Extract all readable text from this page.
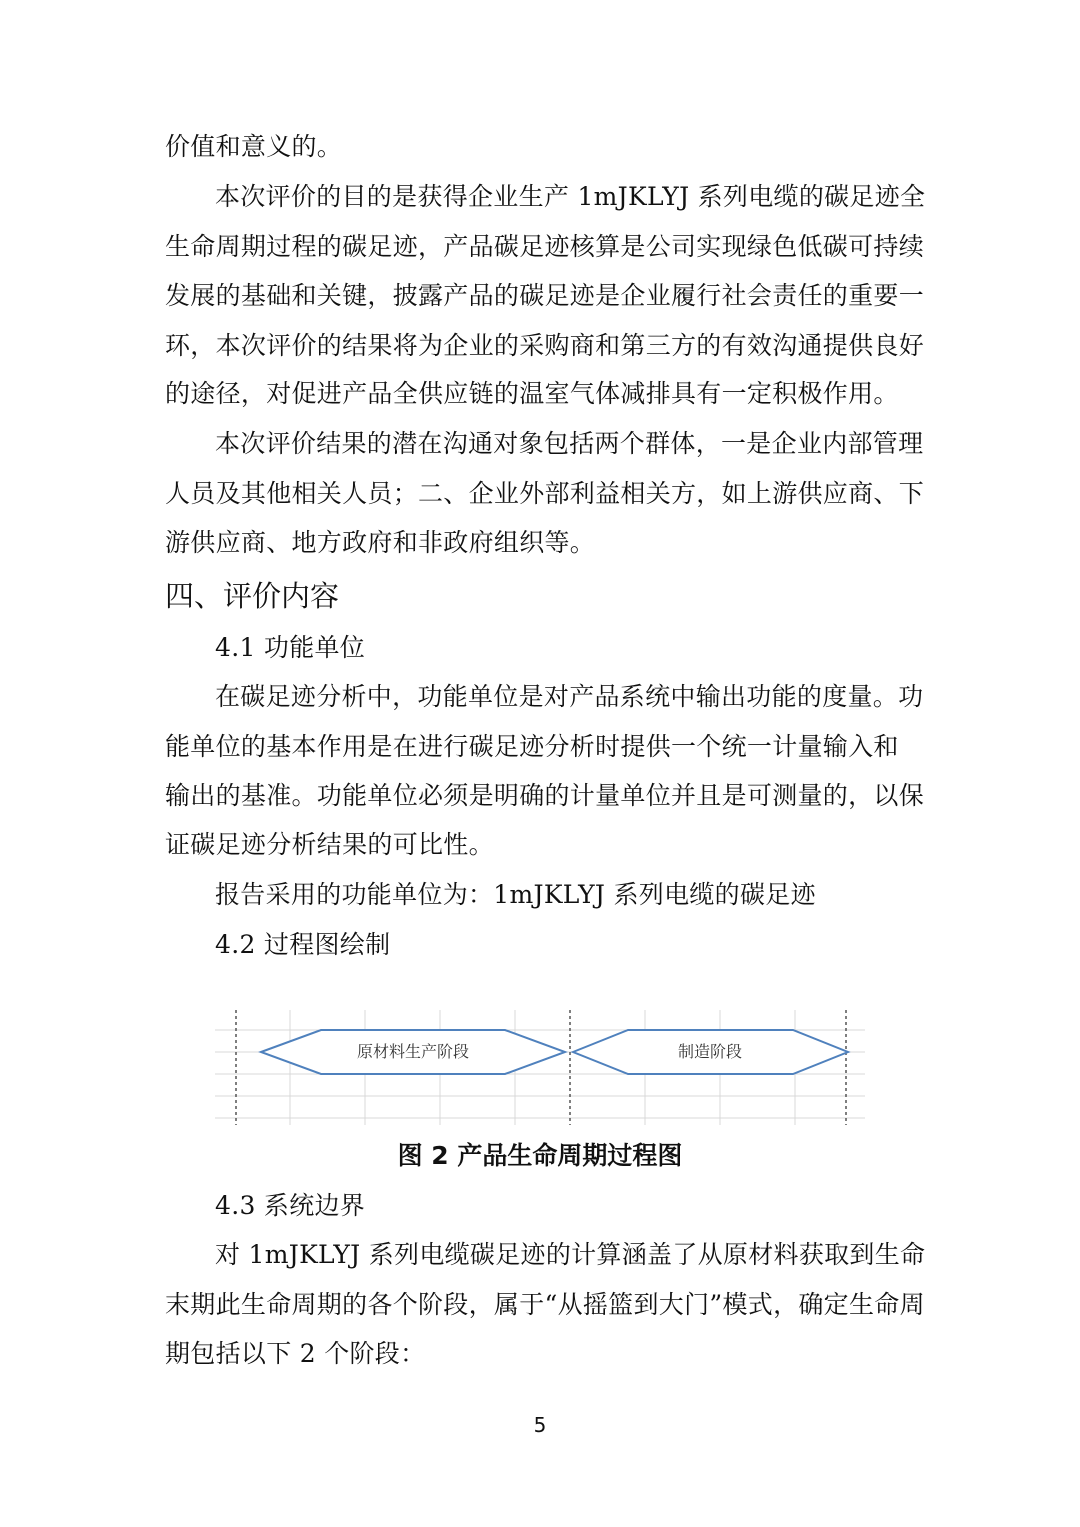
价值和意义的。
本次评价的目的是获得企业生产 1mJKLYJ 系列电缆的碳足迹全
生命周期过程的碳足迹，产品碳足迹核算是公司实现绿色低碳可持续
发展的基础和关键，披露产品的碳足迹是企业履行社会责任的重要一
环，本次评价的结果将为企业的采购商和第三方的有效沟通提供良好
的途径，对促进产品全供应链的温室气体减排具有一定积极作用。
本次评价结果的潜在沟通对象包括两个群体，一是企业内部管理
人员及其他相关人员；二、企业外部利益相关方，如上游供应商、下
游供应商、地方政府和非政府组织等。
四、评价内容
4.1 功能单位
在碳足迹分析中，功能单位是对产品系统中输出功能的度量。功
能单位的基本作用是在进行碳足迹分析时提供一个统一计量输入和
输出的基准。功能单位必须是明确的计量单位并且是可测量的，以保
证碳足迹分析结果的可比性。
报告采用的功能单位为：1mJKLYJ 系列电缆的碳足迹
4.2 过程图绘制
原材料生产阶段	制造阶段
图 2 产品生命周期过程图
4.3 系统边界
对 1mJKLYJ 系列电缆碳足迹的计算涵盖了从原材料获取到生命
末期此生命周期的各个阶段，属于“从摇篮到大门”模式，确定生命周
期包括以下 2 个阶段：
5
